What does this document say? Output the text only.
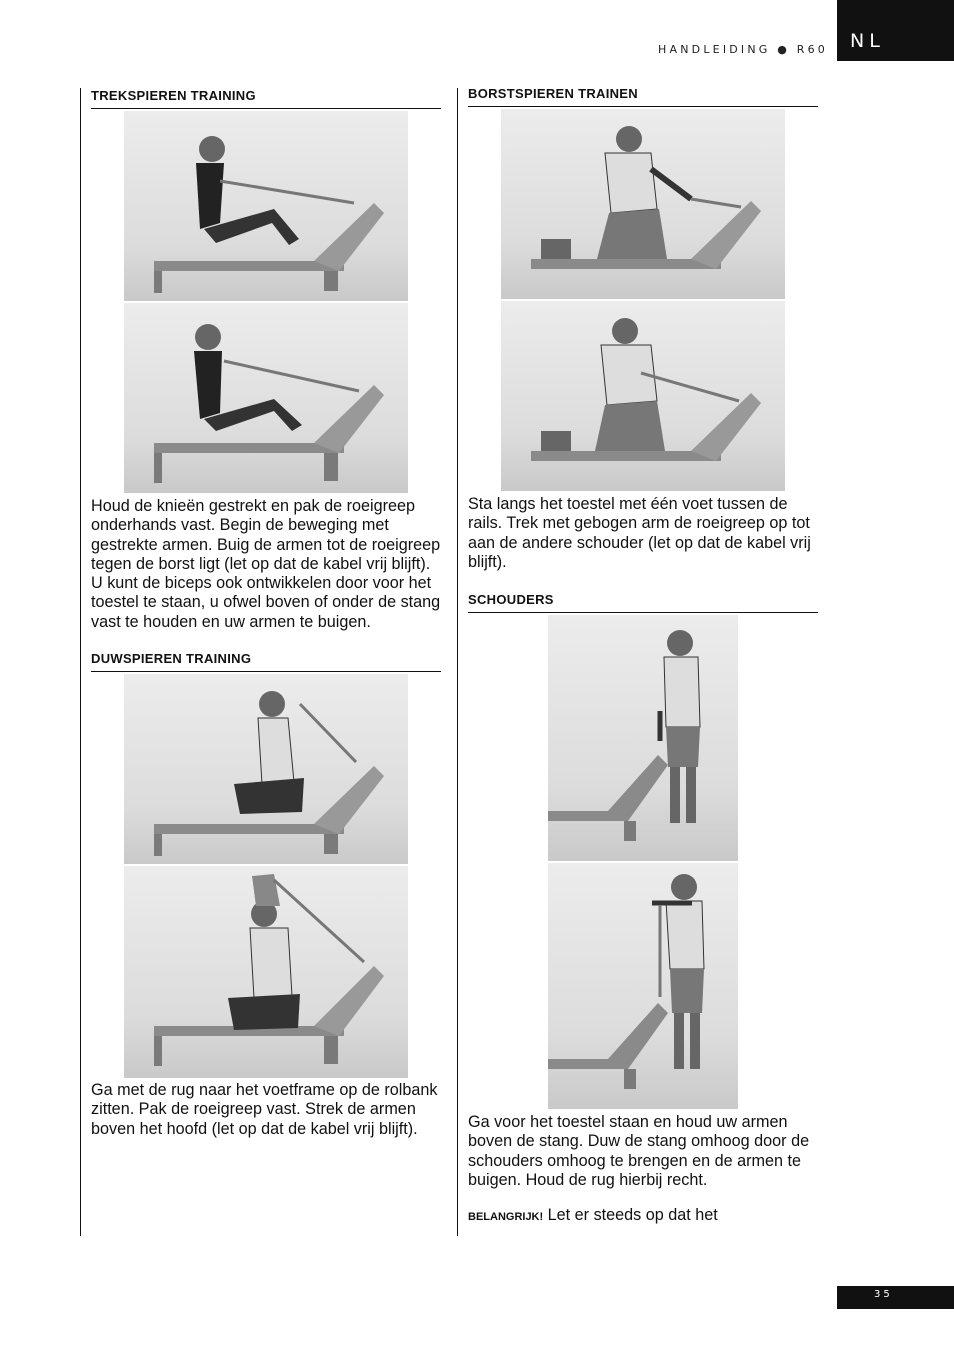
HANDLEIDING ● R60 NL
TREKSPIEREN TRAINING

Houd de knieën gestrekt en pak de roeigreep onderhands vast. Begin de beweging met gestrekte armen. Buig de armen tot de roeigreep tegen de borst ligt (let op dat de kabel vrij blijft). U kunt de biceps ook ontwikkelen door voor het toestel te staan, u ofwel boven of onder de stang vast te houden en uw armen te buigen.

DUWSPIEREN TRAINING

Ga met de rug naar het voetframe op de rolbank zitten. Pak de roeigreep vast. Strek de armen boven het hoofd (let op dat de kabel vrij blijft).

BORSTSPIEREN TRAINEN

Sta langs het toestel met één voet tussen de rails. Trek met gebogen arm de roeigreep op tot aan de andere schouder (let op dat de kabel vrij blijft).

SCHOUDERS

Ga voor het toestel staan en houd uw armen boven de stang. Duw de stang omhoog door de schouders omhoog te brengen en de armen te buigen. Houd de rug hierbij recht.

BELANGRIJK! Let er steeds op dat het

35
